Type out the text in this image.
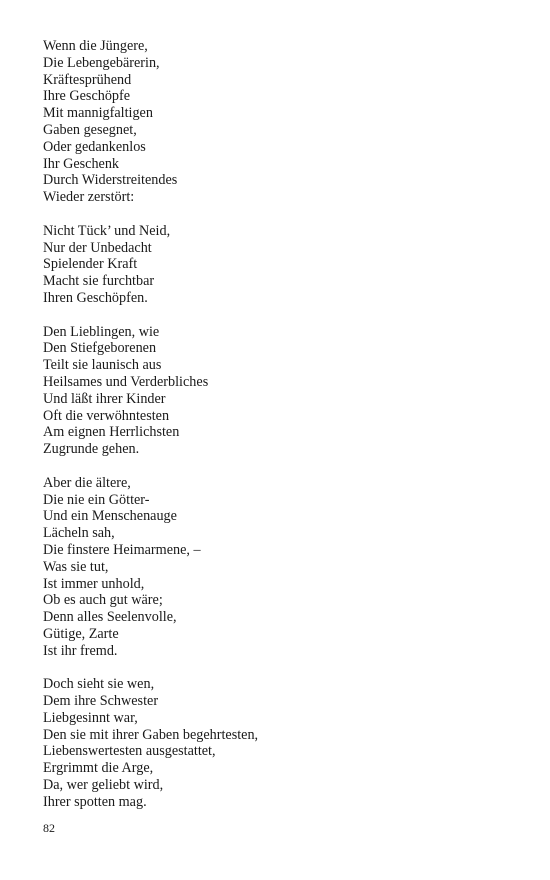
Wenn die Jüngere,
Die Lebengebärerin,
Kräftesprühend
Ihre Geschöpfe
Mit mannigfaltigen
Gaben gesegnet,
Oder gedankenlos
Ihr Geschenk
Durch Widerstreitendes
Wieder zerstört:
Nicht Tück’ und Neid,
Nur der Unbedacht
Spielender Kraft
Macht sie furchtbar
Ihren Geschöpfen.
Den Lieblingen, wie
Den Stiefgeborenen
Teilt sie launisch aus
Heilsames und Verderbliches
Und läßt ihrer Kinder
Oft die verwöhntesten
Am eignen Herrlichsten
Zugrunde gehen.
Aber die ältere,
Die nie ein Götter-
Und ein Menschenauge
Lächeln sah,
Die finstere Heimarmene, –
Was sie tut,
Ist immer unhold,
Ob es auch gut wäre;
Denn alles Seelenvolle,
Gütige, Zarte
Ist ihr fremd.
Doch sieht sie wen,
Dem ihre Schwester
Liebgesinnt war,
Den sie mit ihrer Gaben begehrtesten,
Liebenswertesten ausgestattet,
Ergrimmt die Arge,
Da, wer geliebt wird,
Ihrer spotten mag.
82
